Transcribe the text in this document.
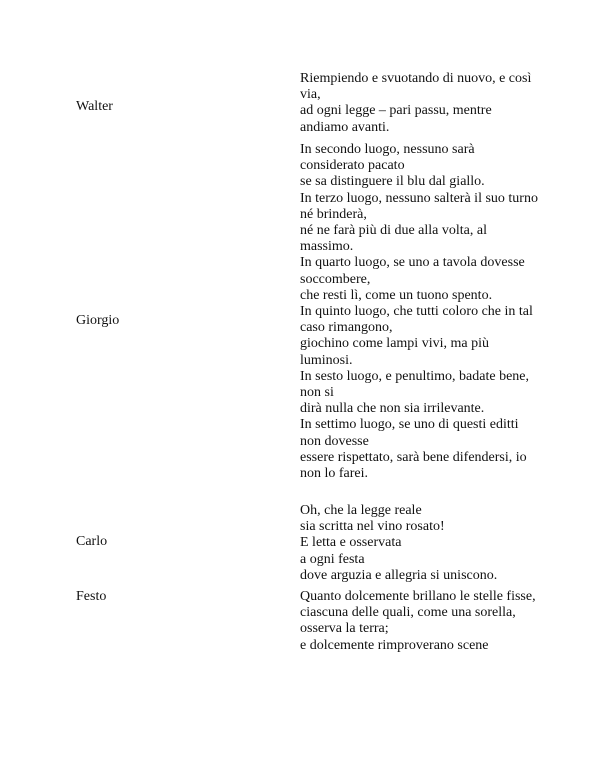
Walter
Riempiendo e svuotando di nuovo, e così via,
ad ogni legge – pari passu, mentre andiamo avanti.
Giorgio
In secondo luogo, nessuno sarà considerato pacato
se sa distinguere il blu dal giallo.
In terzo luogo, nessuno salterà il suo turno né brinderà,
né ne farà più di due alla volta, al massimo.
In quarto luogo, se uno a tavola dovesse soccombere,
che resti lì, come un tuono spento.
In quinto luogo, che tutti coloro che in tal caso rimangono,
giochino come lampi vivi, ma più luminosi.
In sesto luogo, e penultimo, badate bene, non si
dirà nulla che non sia irrilevante.
In settimo luogo, se uno di questi editti non dovesse
essere rispettato, sarà bene difendersi, io non lo farei.
Carlo
Oh, che la legge reale
sia scritta nel vino rosato!
E letta e osservata
a ogni festa
dove arguzia e allegria si uniscono.
Festo	Quanto dolcemente brillano le stelle fisse,
ciascuna delle quali, come una sorella, osserva la terra;
e dolcemente rimproverano scene
